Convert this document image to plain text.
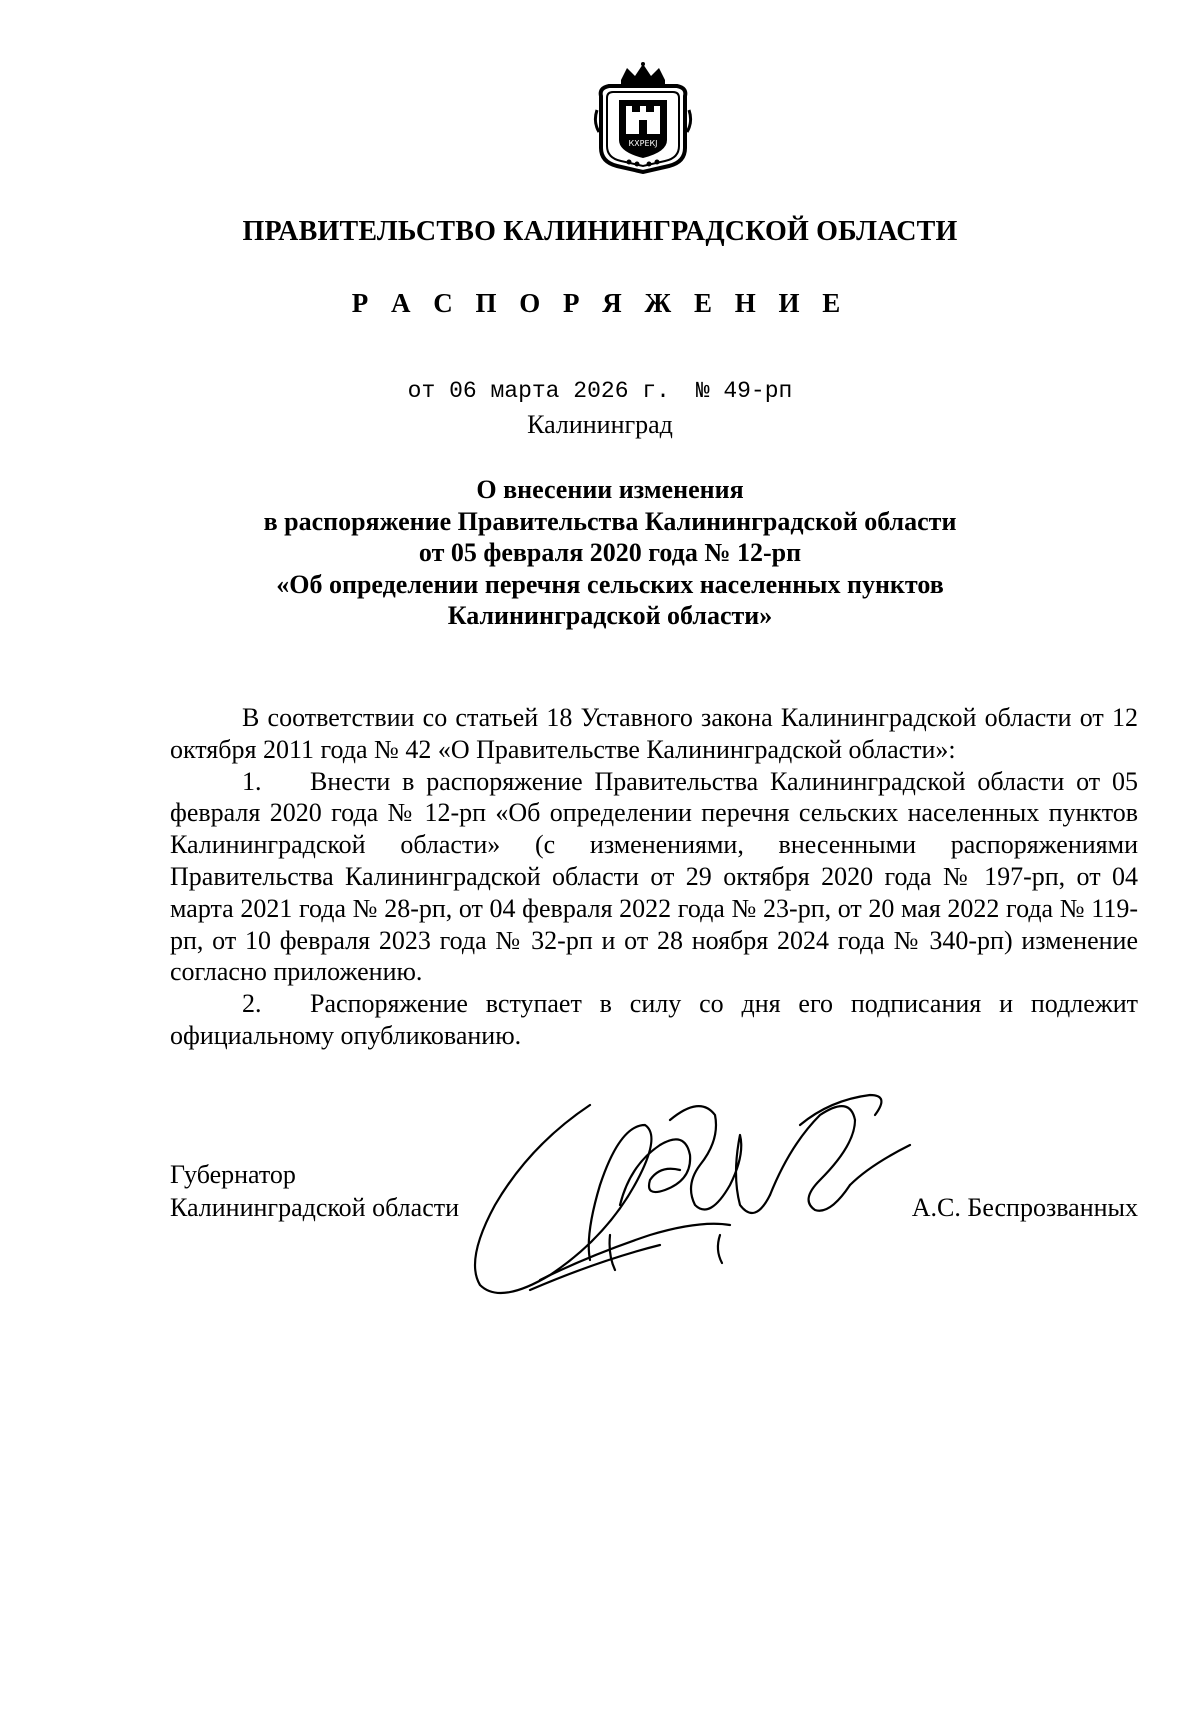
КXРЕКJ
ПРАВИТЕЛЬСТВО КАЛИНИНГРАДСКОЙ ОБЛАСТИ
Р А С П О Р Я Ж Е Н И Е
от 06 марта 2026 г. № 49-рп
Калининград
О внесении изменения
в распоряжение Правительства Калининградской области
от 05 февраля 2020 года № 12-рп
«Об определении перечня сельских населенных пунктов
Калининградской области»

В соответствии со статьей 18 Уставного закона Калининградской области от 12 октября 2011 года № 42 «О Правительстве Калининградской области»:

1. Внести в распоряжение Правительства Калининградской области от 05 февраля 2020 года № 12-рп «Об определении перечня сельских населенных пунктов Калининградской области» (с изменениями, внесенными распоряжениями Правительства Калининградской области от 29 октября 2020 года № 197-рп, от 04 марта 2021 года № 28-рп, от 04 февраля 2022 года № 23-рп, от 20 мая 2022 года № 119-рп, от 10 февраля 2023 года № 32-рп и от 28 ноября 2024 года № 340-рп) изменение согласно приложению.

2. Распоряжение вступает в силу со дня его подписания и подлежит официальному опубликованию.

Губернатор
Калининградской области	А.С. Беспрозванных
